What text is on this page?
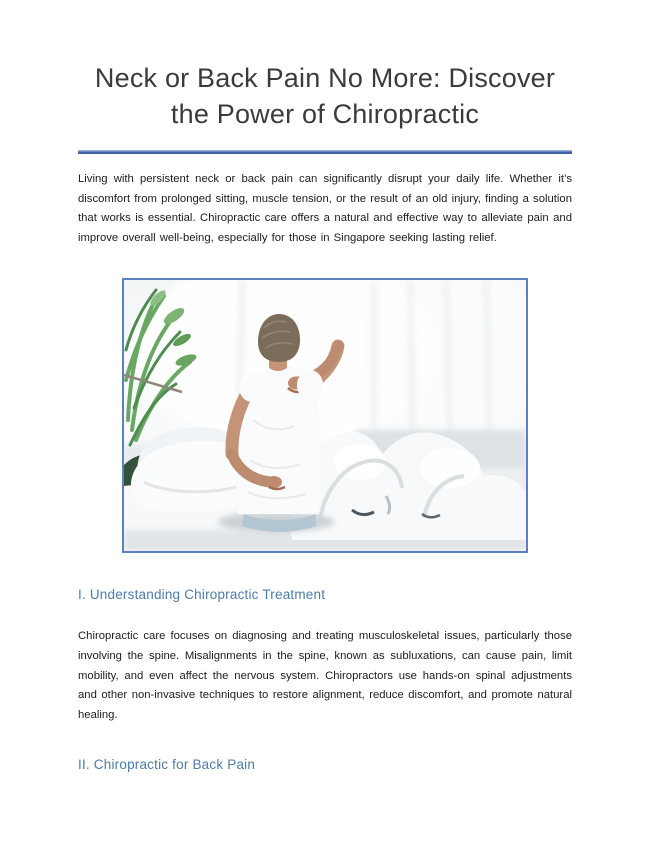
Neck or Back Pain No More: Discover the Power of Chiropractic

Living with persistent neck or back pain can significantly disrupt your daily life. Whether it’s discomfort from prolonged sitting, muscle tension, or the result of an old injury, finding a solution that works is essential. Chiropractic care offers a natural and effective way to alleviate pain and improve overall well-being, especially for those in Singapore seeking lasting relief.

I. Understanding Chiropractic Treatment

Chiropractic care focuses on diagnosing and treating musculoskeletal issues, particularly those involving the spine. Misalignments in the spine, known as subluxations, can cause pain, limit mobility, and even affect the nervous system. Chiropractors use hands-on spinal adjustments and other non-invasive techniques to restore alignment, reduce discomfort, and promote natural healing.

II. Chiropractic for Back Pain
